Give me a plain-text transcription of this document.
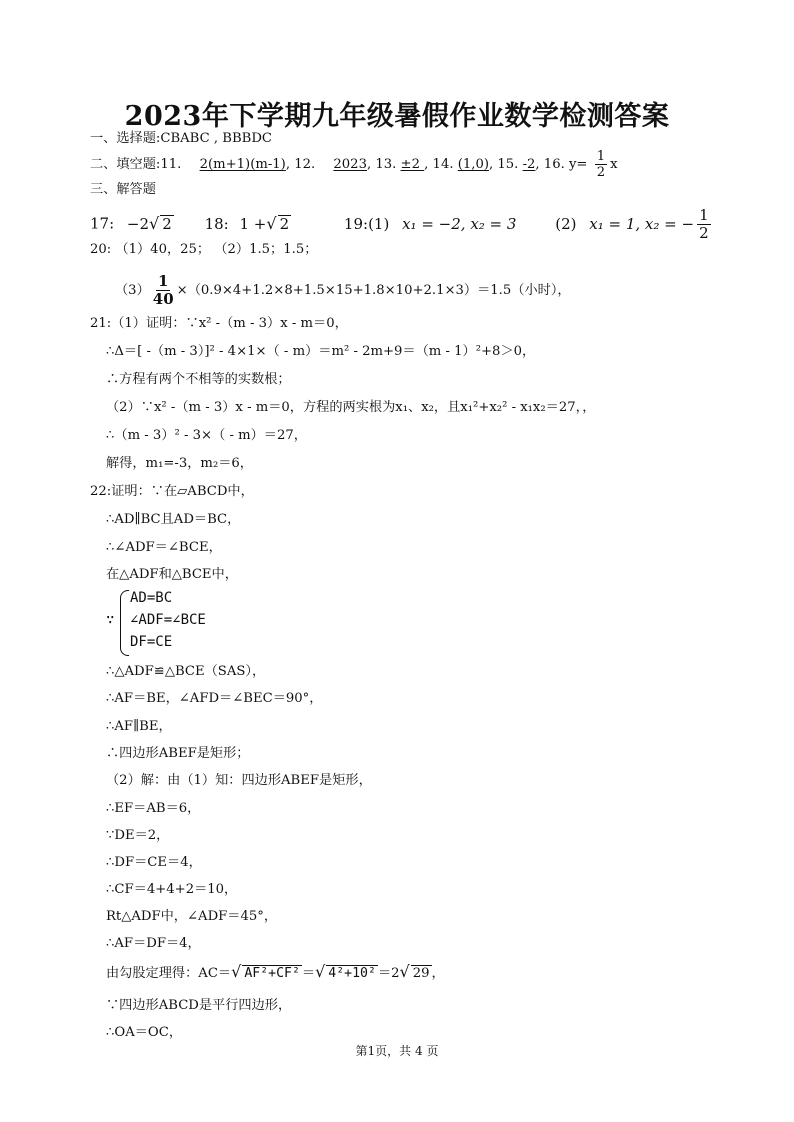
2023年下学期九年级暑假作业数学检测答案
一、选择题:CBABC , BBBDC
二、填空题:11. 2(m+1)(m-1), 12. 2023, 13. ±2 , 14. (1,0), 15. -2, 16. $y= \frac{1}{2}$ x
三、解答题
17: −2√ 2 18: 1 +√ 2	19:(1) x₁ = −2, x₂ = 3	(2) x₁ = 1, x₂ = − $\frac{1}{2}$
20: （1）40，25； （2）1.5；1.5；
$(3) \frac{1}{40} \times(0.9\times 4+1.2\times 8+1.5\times 15+1.8\times 10+2.1\times 3)=1.5$（小时），
21:（1）证明：∵x² -（m - 3）x - m＝0，
∴Δ＝[ -（m - 3）]² - 4×1×（ - m）＝m² - 2m+9＝（m - 1）²+8＞0，
∴方程有两个不相等的实数根；
（2）∵x² -（m - 3）x - m＝0，方程的两实根为x₁、x₂，且x₁²+x₂² - x₁x₂＝27，，
∴（m - 3）² - 3×（ - m）＝27，
解得，m₁=-3，m₂＝6，
22:证明：∵在▱ABCD中，
∴AD∥BC且AD＝BC，
∴∠ADF＝∠BCE，
在△ADF和△BCE中，
∵
AD=BC
∠ADF=∠BCE
DF=CE
∴△ADF≌△BCE（SAS），
∴AF＝BE，∠AFD＝∠BEC＝90°，
∴AF∥BE，
∴四边形ABEF是矩形；
（2）解：由（1）知：四边形ABEF是矩形，
∴EF＝AB＝6，
∵DE＝2，
∴DF＝CE＝4，
∴CF＝4+4+2＝10，
Rt△ADF中，∠ADF＝45°，
∴AF＝DF＝4，
由勾股定理得：AC＝√ AF²+CF² ＝√ 4²+10² ＝2√ 29 ，
∵四边形ABCD是平行四边形，
∴OA＝OC，
第1页，共 4 页
